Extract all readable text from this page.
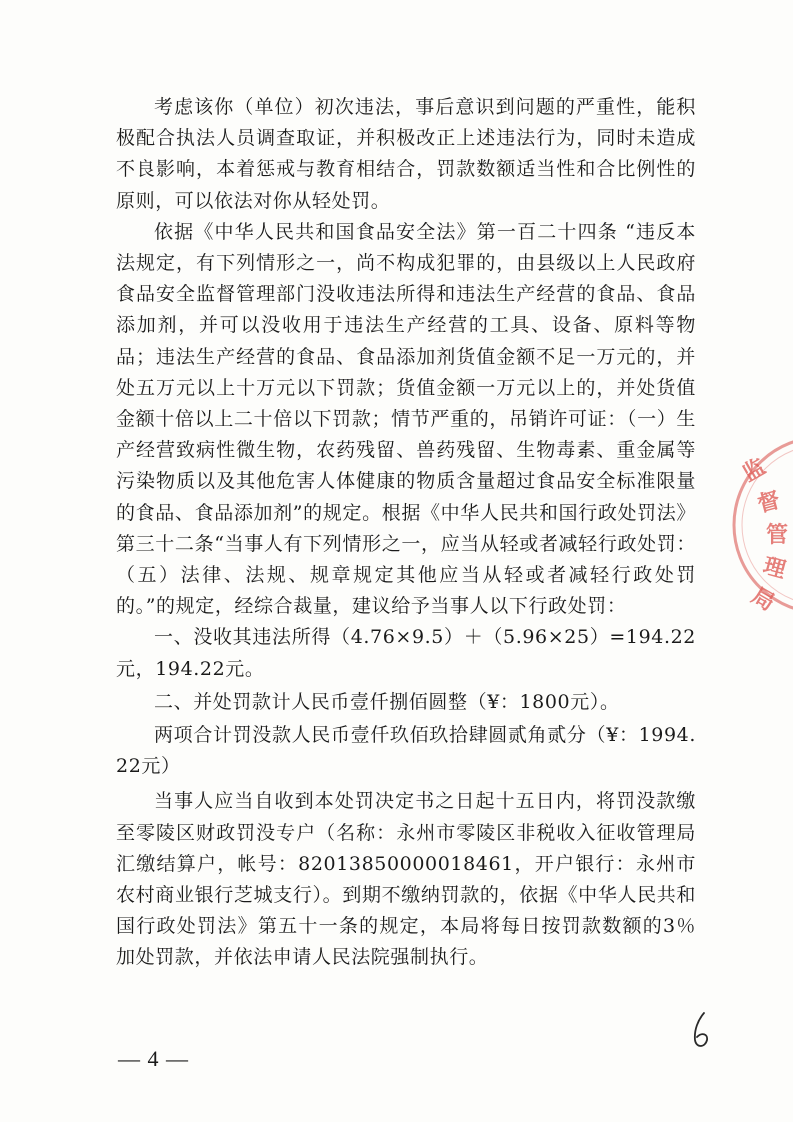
考虑该你（单位）初次违法，事后意识到问题的严重性，能积极配合执法人员调查取证，并积极改正上述违法行为，同时未造成不良影响，本着惩戒与教育相结合，罚款数额适当性和合比例性的原则，可以依法对你从轻处罚。

依据《中华人民共和国食品安全法》第一百二十四条 “违反本法规定，有下列情形之一，尚不构成犯罪的，由县级以上人民政府食品安全监督管理部门没收违法所得和违法生产经营的食品、食品添加剂，并可以没收用于违法生产经营的工具、设备、原料等物品；违法生产经营的食品、食品添加剂货值金额不足一万元的，并处五万元以上十万元以下罚款；货值金额一万元以上的，并处货值金额十倍以上二十倍以下罚款；情节严重的，吊销许可证：（一）生产经营致病性微生物，农药残留、兽药残留、生物毒素、重金属等污染物质以及其他危害人体健康的物质含量超过食品安全标准限量的食品、食品添加剂”的规定。根据《中华人民共和国行政处罚法》第三十二条“当事人有下列情形之一，应当从轻或者减轻行政处罚：（五）法律、法规、规章规定其他应当从轻或者减轻行政处罚的。”的规定，经综合裁量，建议给予当事人以下行政处罚：

一、没收其违法所得（4.76×9.5）＋（5.96×25）=194.22元，194.22元。

二、并处罚款计人民币壹仟捌佰圆整（¥：1800元）。

两项合计罚没款人民币壹仟玖佰玖拾肆圆贰角贰分（¥：1994.22元）

当事人应当自收到本处罚决定书之日起十五日内，将罚没款缴至零陵区财政罚没专户（名称：永州市零陵区非税收入征收管理局汇缴结算户，帐号：82013850000018461，开户银行：永州市农村商业银行芝城支行）。到期不缴纳罚款的，依据《中华人民共和国行政处罚法》第五十一条的规定，本局将每日按罚款数额的3％加处罚款，并依法申请人民法院强制执行。

监
督
管
理
局
— 4 —
